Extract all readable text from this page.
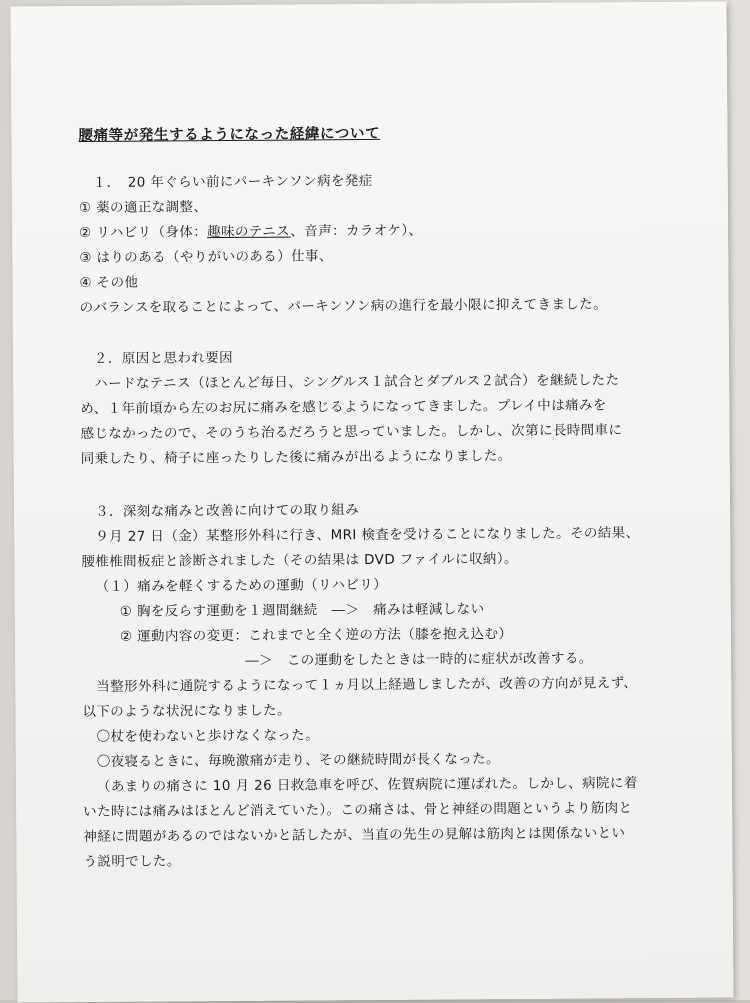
腰痛等が発生するようになった経緯について

１．　20 年ぐらい前にパーキンソン病を発症

① 薬の適正な調整、

② リハビリ（身体：趣味のテニス、音声：カラオケ）、

③ はりのある（やりがいのある）仕事、

④ その他

のバランスを取ることによって、パーキンソン病の進行を最小限に抑えてきました。

２．原因と思われ要因

ハードなテニス（ほとんど毎日、シングルス１試合とダブルス２試合）を継続したた

め、１年前頃から左のお尻に痛みを感じるようになってきました。プレイ中は痛みを

感じなかったので、そのうち治るだろうと思っていました。しかし、次第に長時間車に

同乗したり、椅子に座ったりした後に痛みが出るようになりました。

３．深刻な痛みと改善に向けての取り組み

９月 27 日（金）某整形外科に行き、MRI 検査を受けることになりました。その結果、

腰椎椎間板症と診断されました（その結果は DVD ファイルに収納）。

（１）痛みを軽くするための運動（リハビリ）

① 胸を反らす運動を１週間継続　―＞　痛みは軽減しない

② 運動内容の変更：これまでと全く逆の方法（膝を抱え込む）

―＞　この運動をしたときは一時的に症状が改善する。

当整形外科に通院するようになって１ヵ月以上経過しましたが、改善の方向が見えず、

以下のような状況になりました。

〇杖を使わないと歩けなくなった。

〇夜寝るときに、毎晩激痛が走り、その継続時間が長くなった。

（あまりの痛さに 10 月 26 日救急車を呼び、佐賀病院に運ばれた。しかし、病院に着

いた時には痛みはほとんど消えていた）。この痛さは、骨と神経の問題というより筋肉と

神経に問題があるのではないかと話したが、当直の先生の見解は筋肉とは関係ないとい

う説明でした。
